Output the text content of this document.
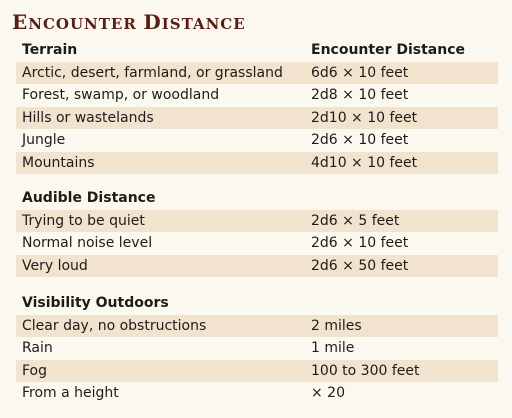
ENCOUNTER DISTANCE
Terrain	Encounter Distance
Arctic, desert, farmland, or grassland 6d6 × 10 feet
Forest, swamp, or woodland	2d8 × 10 feet
Hills or wastelands	2d10 × 10 feet
Jungle	2d6 × 10 feet
Mountains	4d10 × 10 feet
Audible Distance
Trying to be quiet	2d6 × 5 feet
Normal noise level	2d6 × 10 feet
Very loud	2d6 × 50 feet
Visibility Outdoors
Clear day, no obstructions	2 miles
Rain	1 mile
Fog	100 to 300 feet
From a height	× 20
